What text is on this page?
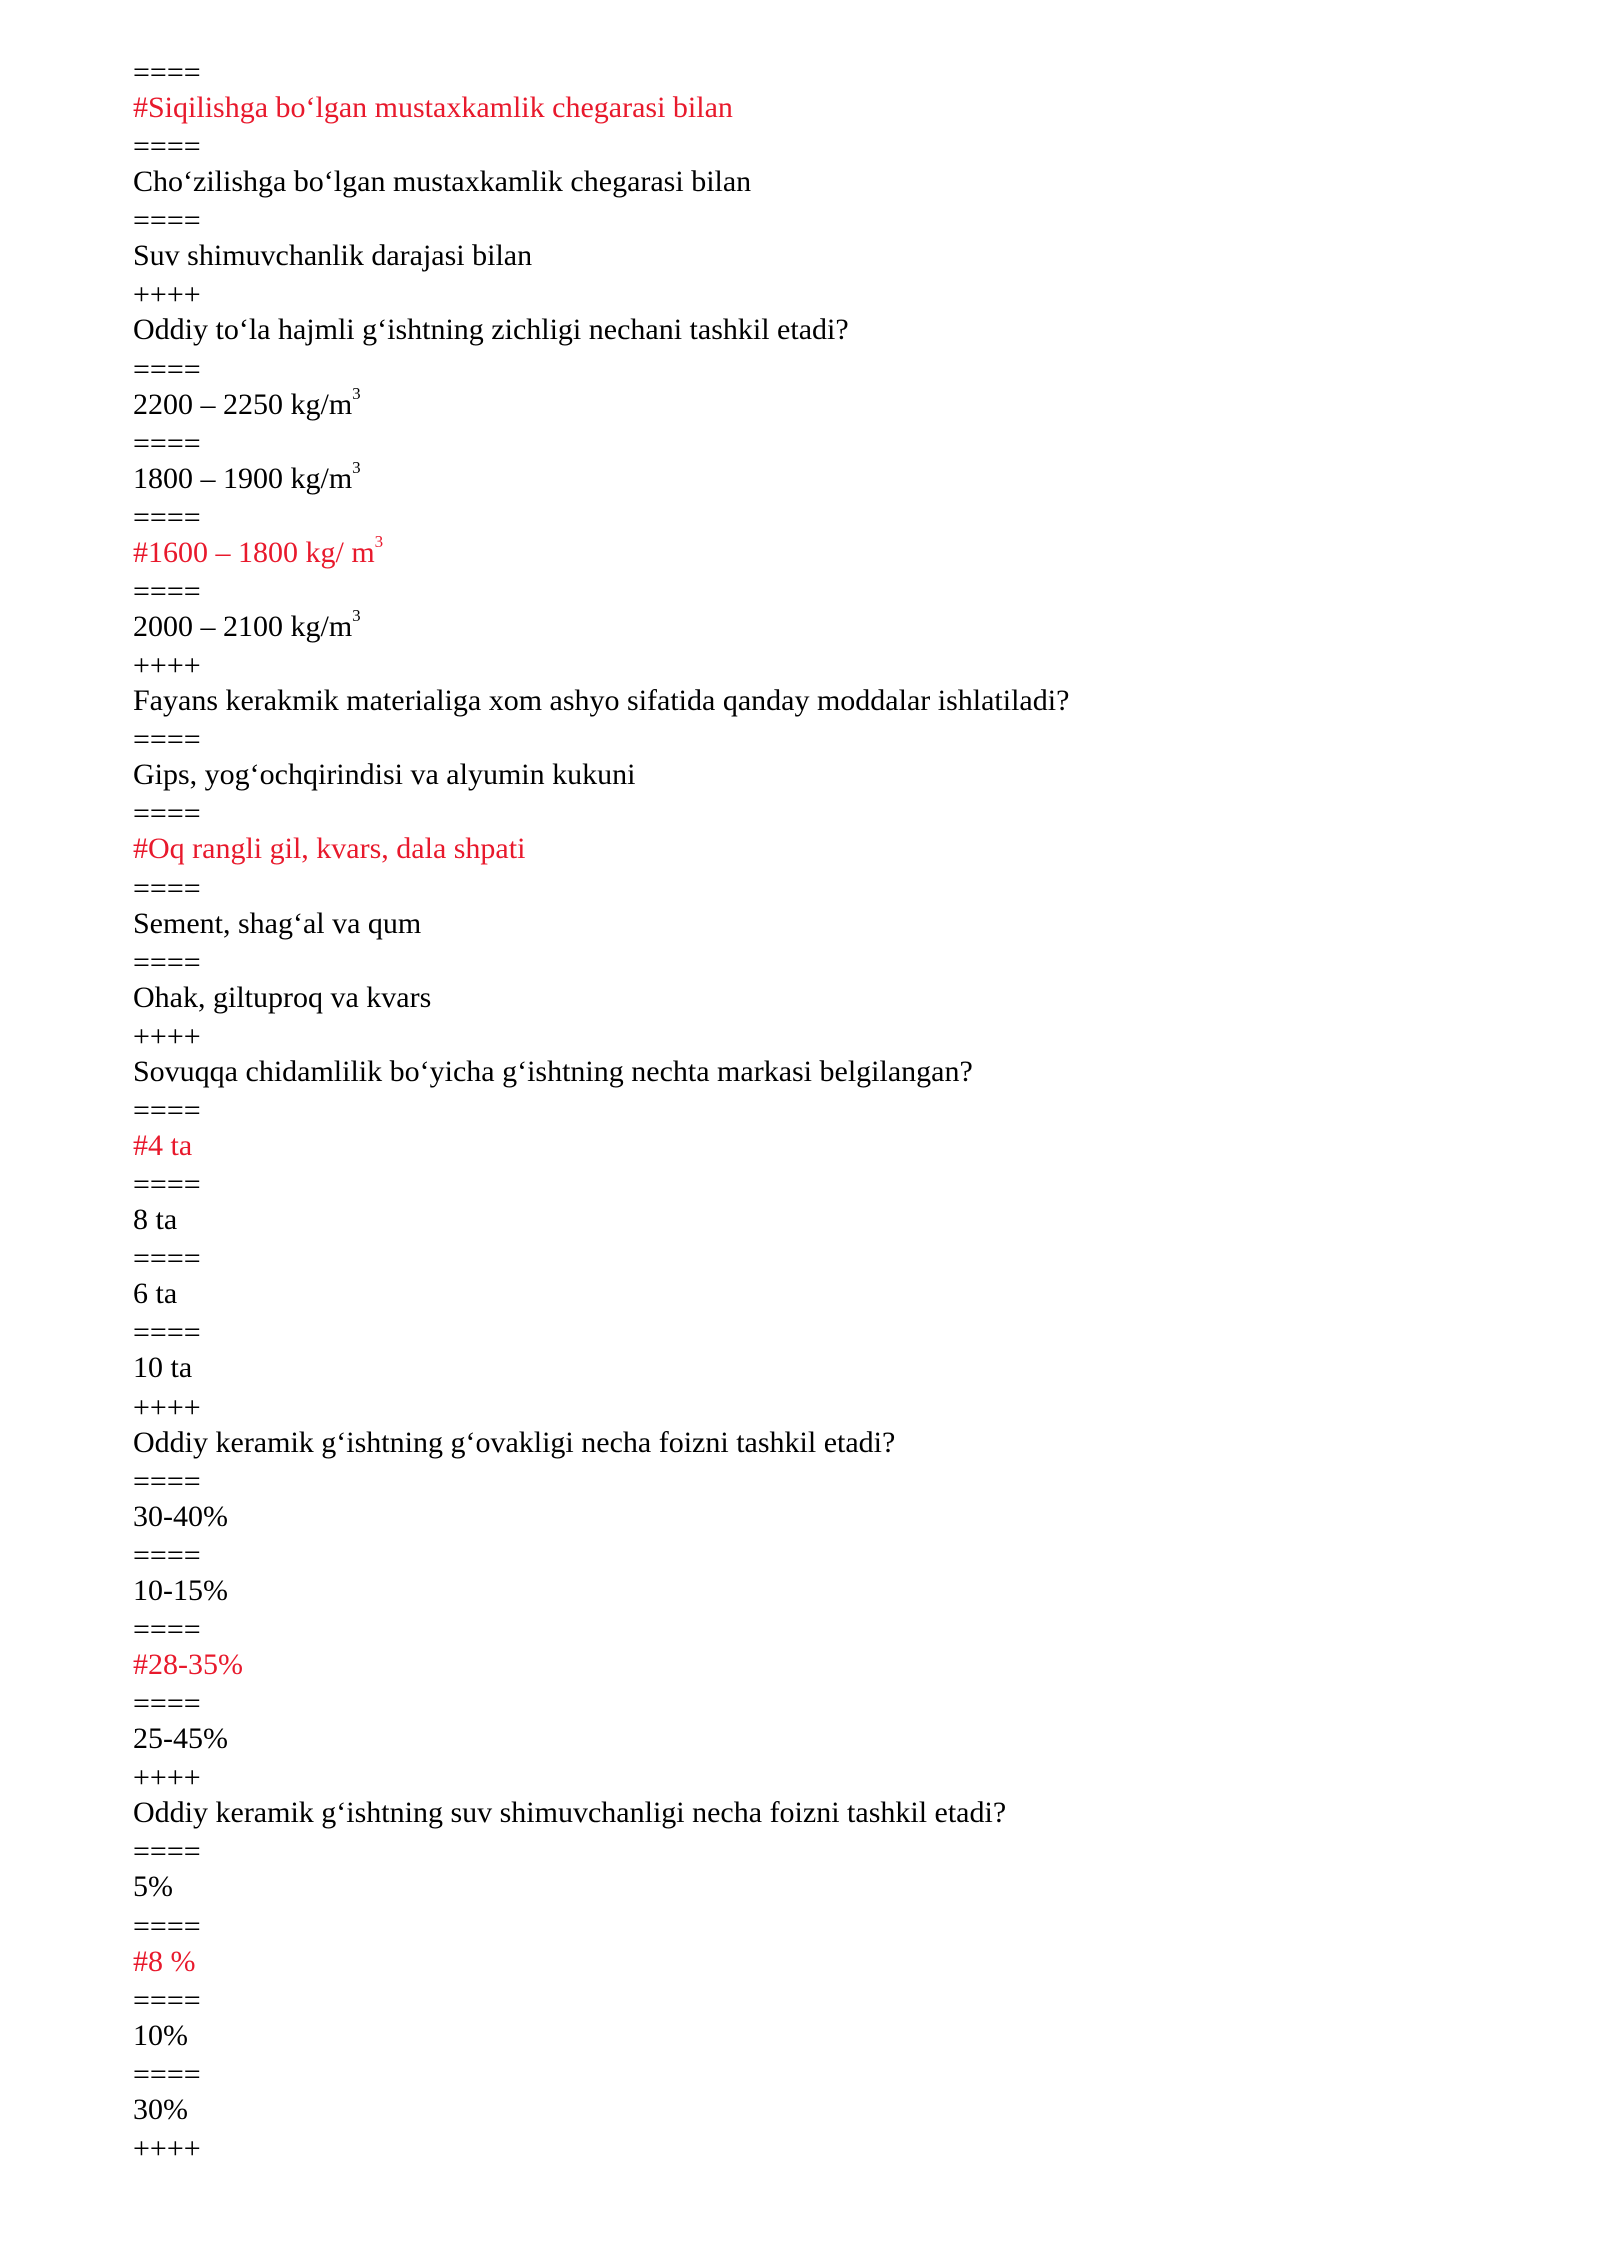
====
#Siqilishga bo‘lgan mustaxkamlik chegarasi bilan
====
Cho‘zilishga bo‘lgan mustaxkamlik chegarasi bilan
====
Suv shimuvchanlik darajasi bilan
++++
Oddiy to‘la hajmli g‘ishtning zichligi nechani tashkil etadi?
====
2200 – 2250 $kg/m^3$
====
1800 – 1900 $kg/m^3$
====
#1600 – 1800 kg/ $m^3$
====
2000 – 2100 $kg/m^3$
++++
Fayans kerakmik materialiga xom ashyo sifatida qanday moddalar ishlatiladi?
====
Gips, yog‘ochqirindisi va alyumin kukuni
====
#Oq rangli gil, kvars, dala shpati
====
Sement, shag‘al va qum
====
Ohak, giltuproq va kvars
++++
Sovuqqa chidamlilik bo‘yicha g‘ishtning nechta markasi belgilangan?
====
#4 ta
====
8 ta
====
6 ta
====
10 ta
++++
Oddiy keramik g‘ishtning g‘ovakligi necha foizni tashkil etadi?
====
30-40%
====
10-15%
====
#28-35%
====
25-45%
++++
Oddiy keramik g‘ishtning suv shimuvchanligi necha foizni tashkil etadi?
====
5%
====
#8 %
====
10%
====
30%
++++
